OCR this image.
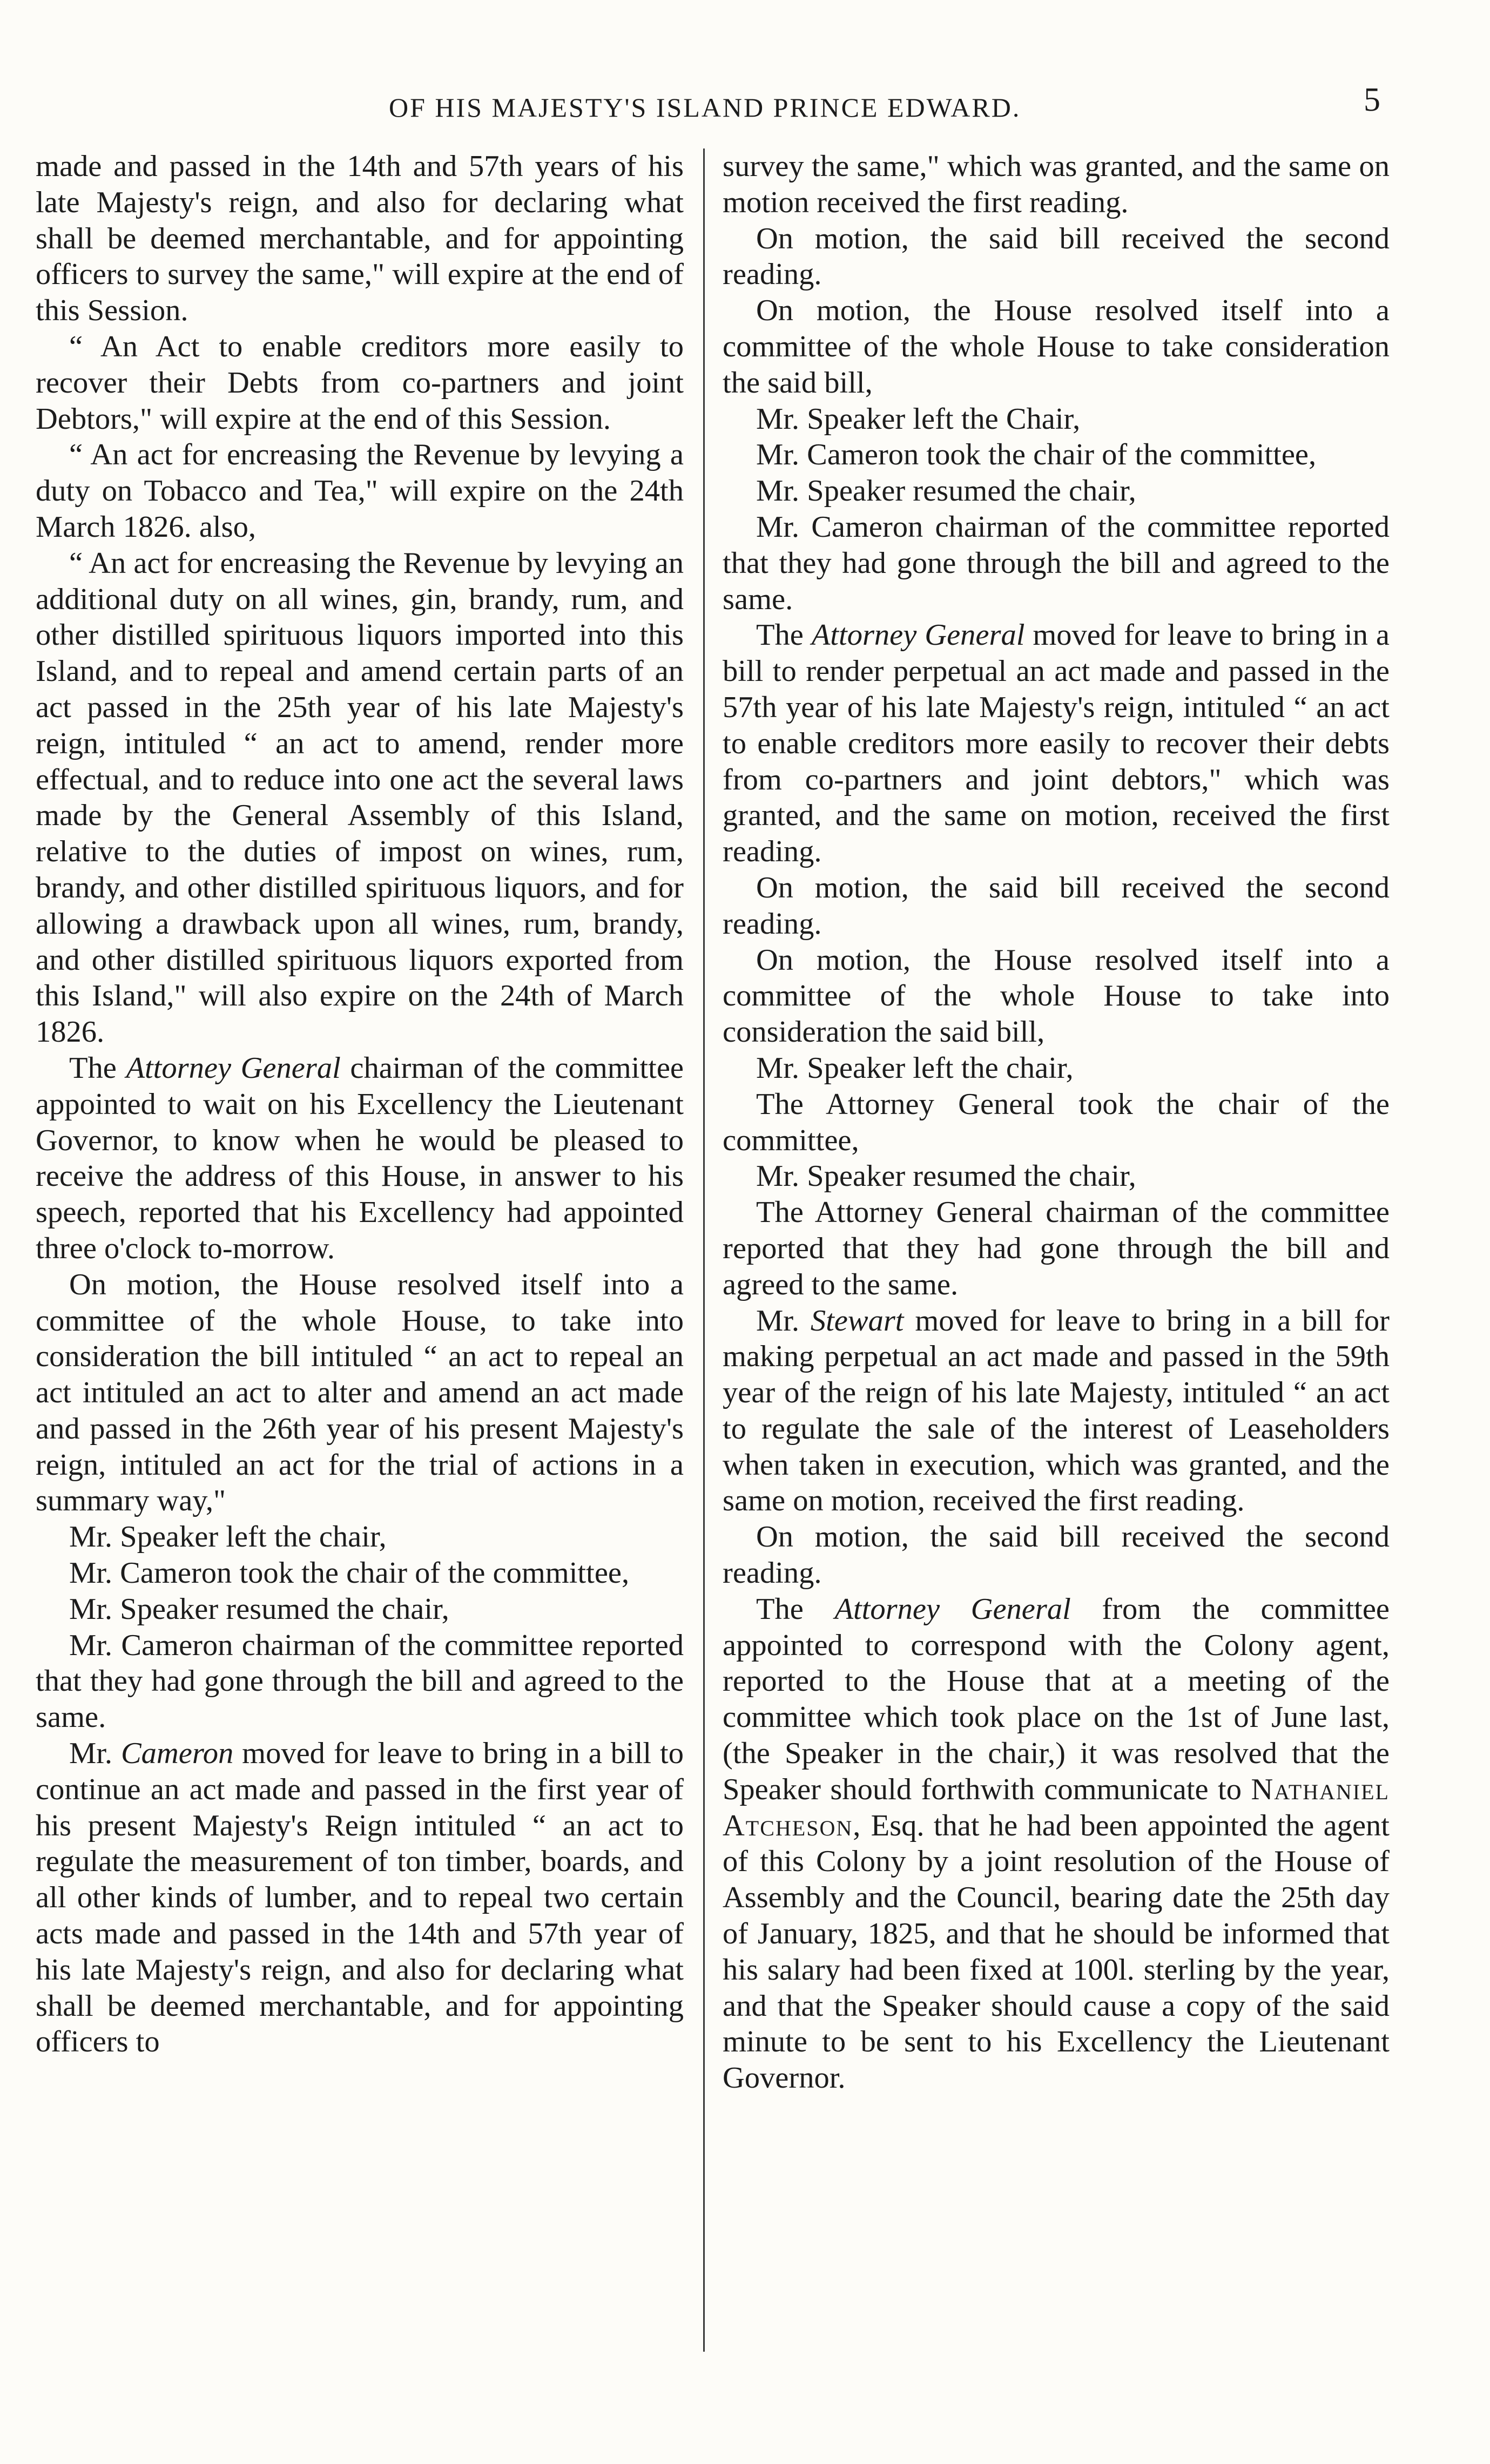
OF HIS MAJESTY'S ISLAND PRINCE EDWARD.	5

made and passed in the 14th and 57th years of his late Majesty's reign, and also for declaring what shall be deemed merchantable, and for appointing officers to survey the same," will expire at the end of this Session.

“ An Act to enable creditors more easily to recover their Debts from co-partners and joint Debtors," will expire at the end of this Session.

“ An act for encreasing the Revenue by levying a duty on Tobacco and Tea," will expire on the 24th March 1826. also,

“ An act for encreasing the Revenue by levying an additional duty on all wines, gin, brandy, rum, and other distilled spirituous liquors imported into this Island, and to repeal and amend certain parts of an act passed in the 25th year of his late Majesty's reign, intituled “ an act to amend, render more effectual, and to reduce into one act the several laws made by the General Assembly of this Island, relative to the duties of impost on wines, rum, brandy, and other distilled spirituous liquors, and for allowing a drawback upon all wines, rum, brandy, and other distilled spirituous liquors exported from this Island," will also expire on the 24th of March 1826.

The Attorney General chairman of the committee appointed to wait on his Excellency the Lieutenant Governor, to know when he would be pleased to receive the address of this House, in answer to his speech, reported that his Excellency had appointed three o'clock to-morrow.

On motion, the House resolved itself into a committee of the whole House, to take into consideration the bill intituled “ an act to repeal an act intituled an act to alter and amend an act made and passed in the 26th year of his present Majesty's reign, intituled an act for the trial of actions in a summary way,"

Mr. Speaker left the chair,

Mr. Cameron took the chair of the committee,

Mr. Speaker resumed the chair,

Mr. Cameron chairman of the committee reported that they had gone through the bill and agreed to the same.

Mr. Cameron moved for leave to bring in a bill to continue an act made and passed in the first year of his present Majesty's Reign intituled “ an act to regulate the measurement of ton timber, boards, and all other kinds of lumber, and to repeal two certain acts made and passed in the 14th and 57th year of his late Majesty's reign, and also for declaring what shall be deemed merchantable, and for appointing officers to

survey the same," which was granted, and the same on motion received the first reading.

On motion, the said bill received the second reading.

On motion, the House resolved itself into a committee of the whole House to take consideration the said bill,

Mr. Speaker left the Chair,

Mr. Cameron took the chair of the committee,

Mr. Speaker resumed the chair,

Mr. Cameron chairman of the committee reported that they had gone through the bill and agreed to the same.

The Attorney General moved for leave to bring in a bill to render perpetual an act made and passed in the 57th year of his late Majesty's reign, intituled “ an act to enable creditors more easily to recover their debts from co-partners and joint debtors," which was granted, and the same on motion, received the first reading.

On motion, the said bill received the second reading.

On motion, the House resolved itself into a committee of the whole House to take into consideration the said bill,

Mr. Speaker left the chair,

The Attorney General took the chair of the committee,

Mr. Speaker resumed the chair,

The Attorney General chairman of the committee reported that they had gone through the bill and agreed to the same.

Mr. Stewart moved for leave to bring in a bill for making perpetual an act made and passed in the 59th year of the reign of his late Majesty, intituled “ an act to regulate the sale of the interest of Leaseholders when taken in execution, which was granted, and the same on motion, received the first reading.

On motion, the said bill received the second reading.

The Attorney General from the committee appointed to correspond with the Colony agent, reported to the House that at a meeting of the committee which took place on the 1st of June last, (the Speaker in the chair,) it was resolved that the Speaker should forthwith communicate to Nathaniel Atcheson, Esq. that he had been appointed the agent of this Colony by a joint resolution of the House of Assembly and the Council, bearing date the 25th day of January, 1825, and that he should be informed that his salary had been fixed at 100l. sterling by the year, and that the Speaker should cause a copy of the said minute to be sent to his Excellency the Lieutenant Governor.
